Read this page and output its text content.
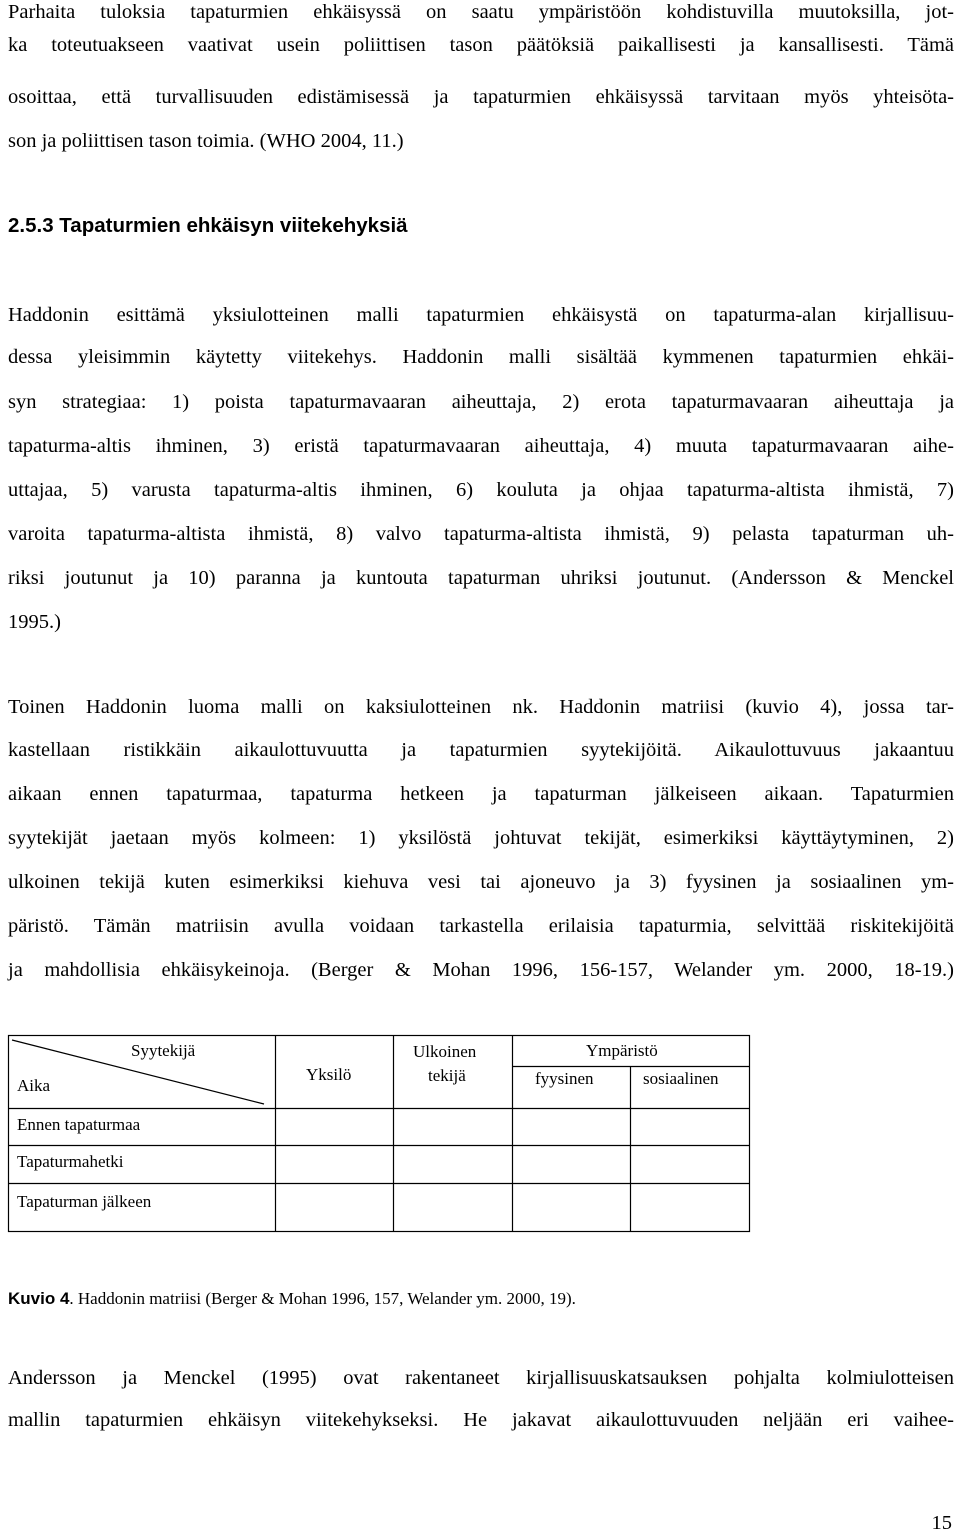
Parhaita tuloksia tapaturmien ehkäisyssä on saatu ympäristöön kohdistuvilla muutoksilla, jot-
ka toteutuakseen vaativat usein poliittisen tason päätöksiä paikallisesti ja kansallisesti. Tämä
osoittaa, että turvallisuuden edistämisessä ja tapaturmien ehkäisyssä tarvitaan myös yhteisöta-
son ja poliittisen tason toimia. (WHO 2004, 11.)
2.5.3 Tapaturmien ehkäisyn viitekehyksiä
Haddonin esittämä yksiulotteinen malli tapaturmien ehkäisystä on tapaturma-alan kirjallisuu-
dessa yleisimmin käytetty viitekehys. Haddonin malli sisältää kymmenen tapaturmien ehkäi-
syn strategiaa: 1) poista tapaturmavaaran aiheuttaja, 2) erota tapaturmavaaran aiheuttaja ja
tapaturma-altis ihminen, 3) eristä tapaturmavaaran aiheuttaja, 4) muuta tapaturmavaaran aihe-
uttajaa, 5) varusta tapaturma-altis ihminen, 6) kouluta ja ohjaa tapaturma-altista ihmistä, 7)
varoita tapaturma-altista ihmistä, 8) valvo tapaturma-altista ihmistä, 9) pelasta tapaturman uh-
riksi joutunut ja 10) paranna ja kuntouta tapaturman uhriksi joutunut. (Andersson & Menckel
1995.)
Toinen Haddonin luoma malli on kaksiulotteinen nk. Haddonin matriisi (kuvio 4), jossa tar-
kastellaan ristikkäin aikaulottuvuutta ja tapaturmien syytekijöitä. Aikaulottuvuus jakaantuu
aikaan ennen tapaturmaa, tapaturma hetkeen ja tapaturman jälkeiseen aikaan. Tapaturmien
syytekijät jaetaan myös kolmeen: 1) yksilöstä johtuvat tekijät, esimerkiksi käyttäytyminen, 2)
ulkoinen tekijä kuten esimerkiksi kiehuva vesi tai ajoneuvo ja 3) fyysinen ja sosiaalinen ym-
päristö. Tämän matriisin avulla voidaan tarkastella erilaisia tapaturmia, selvittää riskitekijöitä
ja mahdollisia ehkäisykeinoja. (Berger & Mohan 1996, 156-157, Welander ym. 2000, 18-19.)
Syytekijä
Aika
Yksilö
Ulkoinen
tekijä
Ympäristö
fyysinen	sosiaalinen
Ennen tapaturmaa
Tapaturmahetki
Tapaturman jälkeen
Kuvio 4. Haddonin matriisi (Berger & Mohan 1996, 157, Welander ym. 2000, 19).
Andersson ja Menckel (1995) ovat rakentaneet kirjallisuuskatsauksen pohjalta kolmiulotteisen
mallin tapaturmien ehkäisyn viitekehykseksi. He jakavat aikaulottuvuuden neljään eri vaihee-
15
